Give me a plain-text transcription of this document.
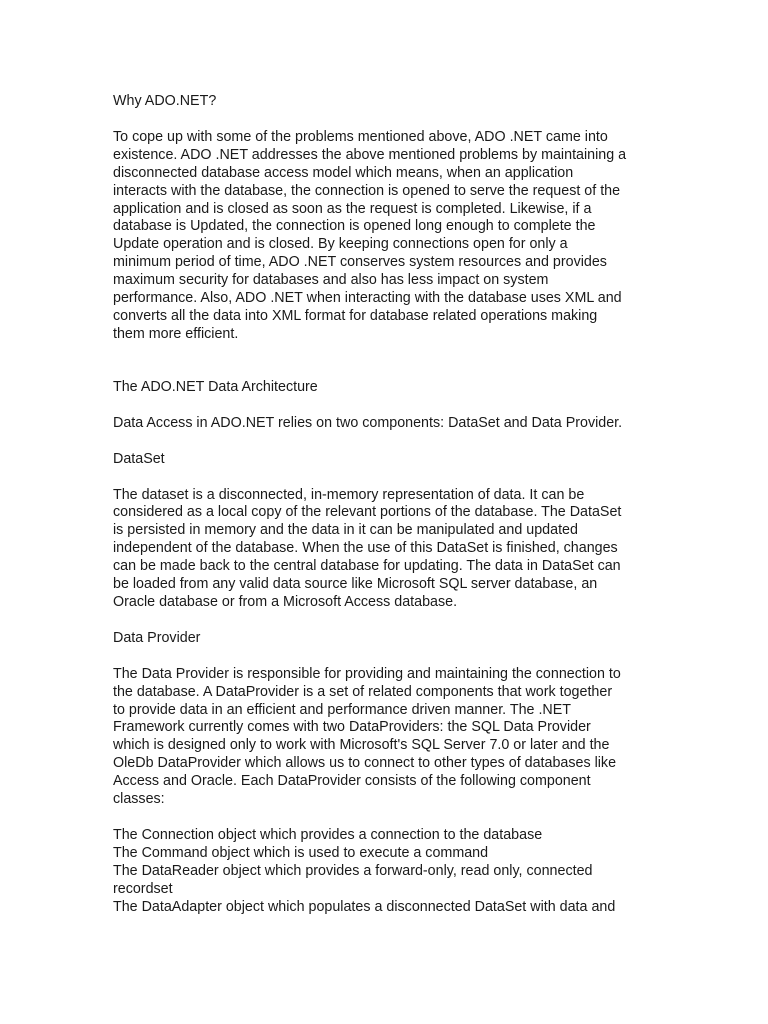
Why ADO.NET?

To cope up with some of the problems mentioned above, ADO .NET came into
existence. ADO .NET addresses the above mentioned problems by maintaining a
disconnected database access model which means, when an application
interacts with the database, the connection is opened to serve the request of the
application and is closed as soon as the request is completed. Likewise, if a
database is Updated, the connection is opened long enough to complete the
Update operation and is closed. By keeping connections open for only a
minimum period of time, ADO .NET conserves system resources and provides
maximum security for databases and also has less impact on system
performance. Also, ADO .NET when interacting with the database uses XML and
converts all the data into XML format for database related operations making
them more efficient.

The ADO.NET Data Architecture

Data Access in ADO.NET relies on two components: DataSet and Data Provider.

DataSet

The dataset is a disconnected, in-memory representation of data. It can be
considered as a local copy of the relevant portions of the database. The DataSet
is persisted in memory and the data in it can be manipulated and updated
independent of the database. When the use of this DataSet is finished, changes
can be made back to the central database for updating. The data in DataSet can
be loaded from any valid data source like Microsoft SQL server database, an
Oracle database or from a Microsoft Access database.

Data Provider

The Data Provider is responsible for providing and maintaining the connection to
the database. A DataProvider is a set of related components that work together
to provide data in an efficient and performance driven manner. The .NET
Framework currently comes with two DataProviders: the SQL Data Provider
which is designed only to work with Microsoft's SQL Server 7.0 or later and the
OleDb DataProvider which allows us to connect to other types of databases like
Access and Oracle. Each DataProvider consists of the following component
classes:

The Connection object which provides a connection to the database
The Command object which is used to execute a command
The DataReader object which provides a forward-only, read only, connected
recordset
The DataAdapter object which populates a disconnected DataSet with data and
